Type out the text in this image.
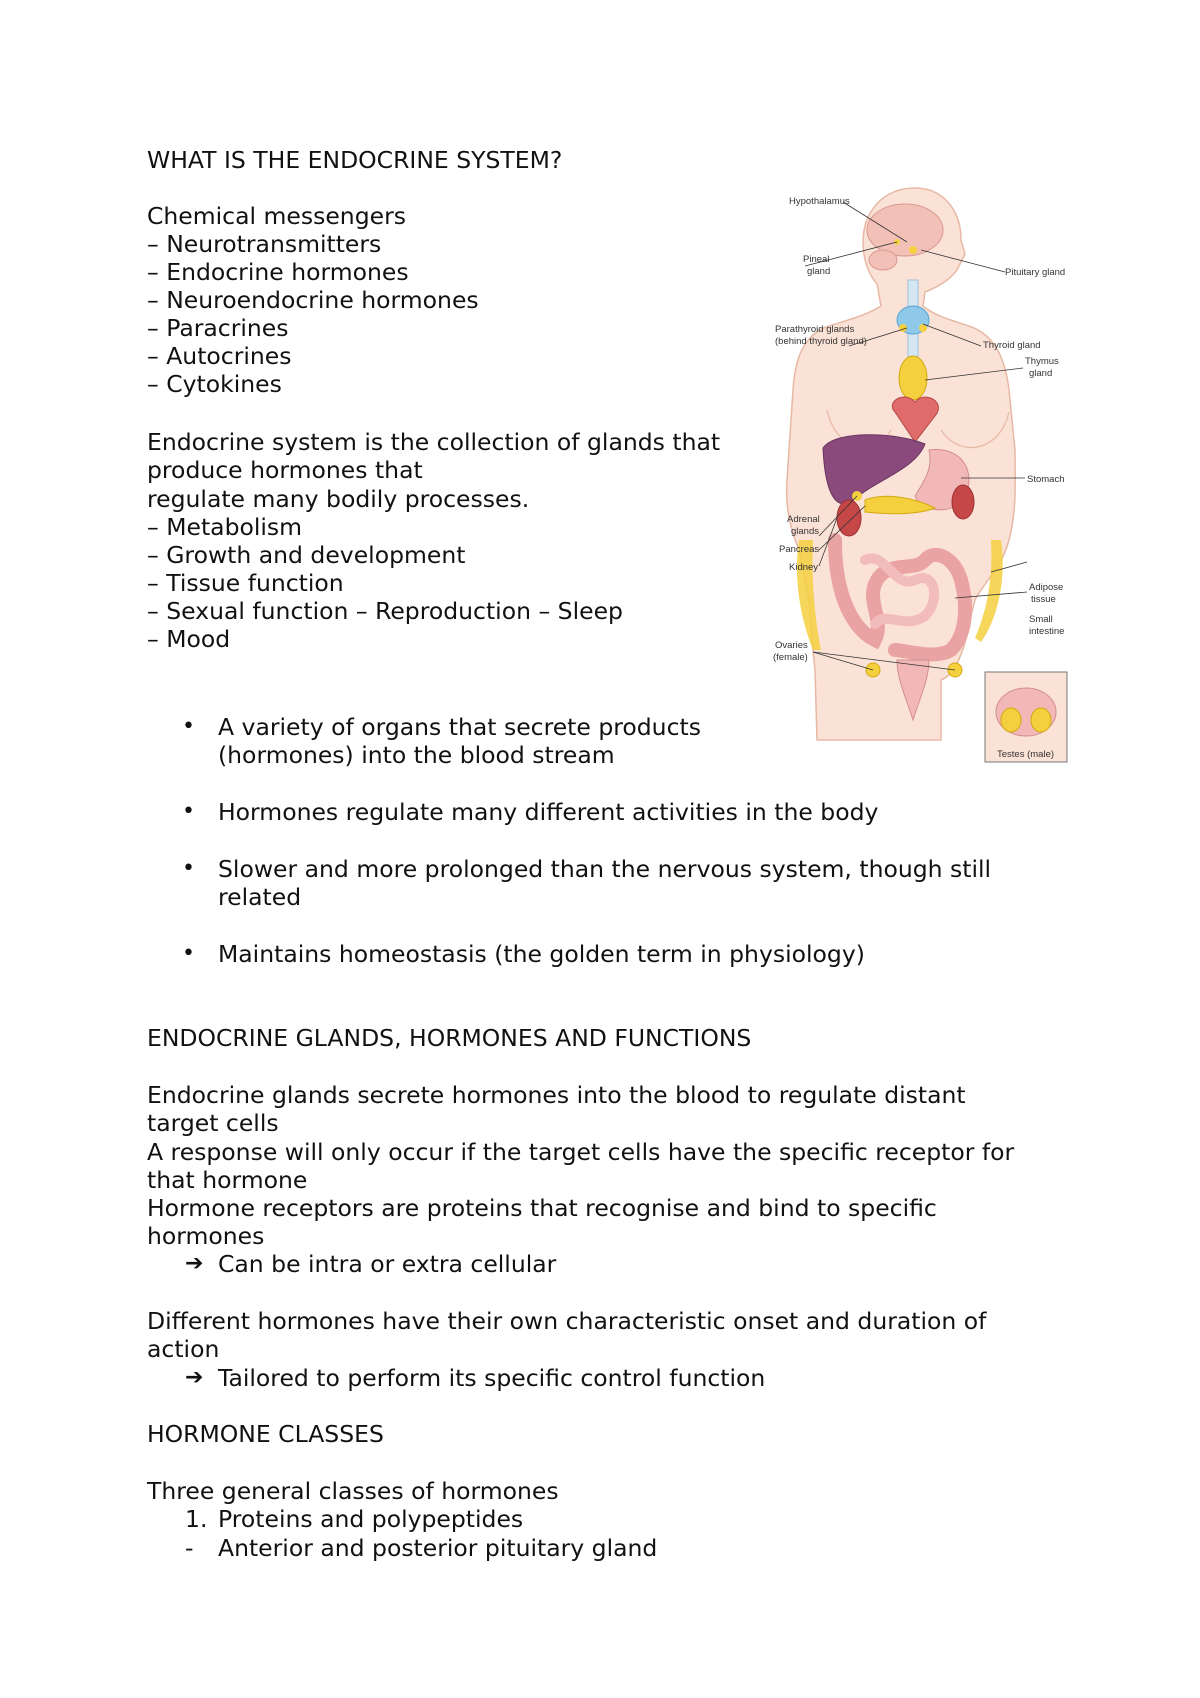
WHAT IS THE ENDOCRINE SYSTEM?
Chemical messengers
– Neurotransmitters
– Endocrine hormones
– Neuroendocrine hormones
– Paracrines
– Autocrines
– Cytokines
Endocrine system is the collection of glands that
produce hormones that
regulate many bodily processes.
– Metabolism
– Growth and development
– Tissue function
– Sexual function – Reproduction – Sleep
– Mood
• A variety of organs that secrete products
(hormones) into the blood stream
• Hormones regulate many different activities in the body
• Slower and more prolonged than the nervous system, though still
related
• Maintains homeostasis (the golden term in physiology)
ENDOCRINE GLANDS, HORMONES AND FUNCTIONS
Endocrine glands secrete hormones into the blood to regulate distant
target cells
A response will only occur if the target cells have the specific receptor for
that hormone
Hormone receptors are proteins that recognise and bind to specific
hormones
➔ Can be intra or extra cellular
Different hormones have their own characteristic onset and duration of
action
➔ Tailored to perform its specific control function
HORMONE CLASSES
Three general classes of hormones
1. Proteins and polypeptides
- Anterior and posterior pituitary gland
Hypothalamus
Pineal
gland	Pituitary gland
Parathyroid glands
(behind thyroid gland)	Thyroid gland
Thymus
gland
Stomach
Adrenal
glands
Pancreas
Kidney
Adipose
tissue
Small
intestine
Ovaries
(female)
Testes (male)
